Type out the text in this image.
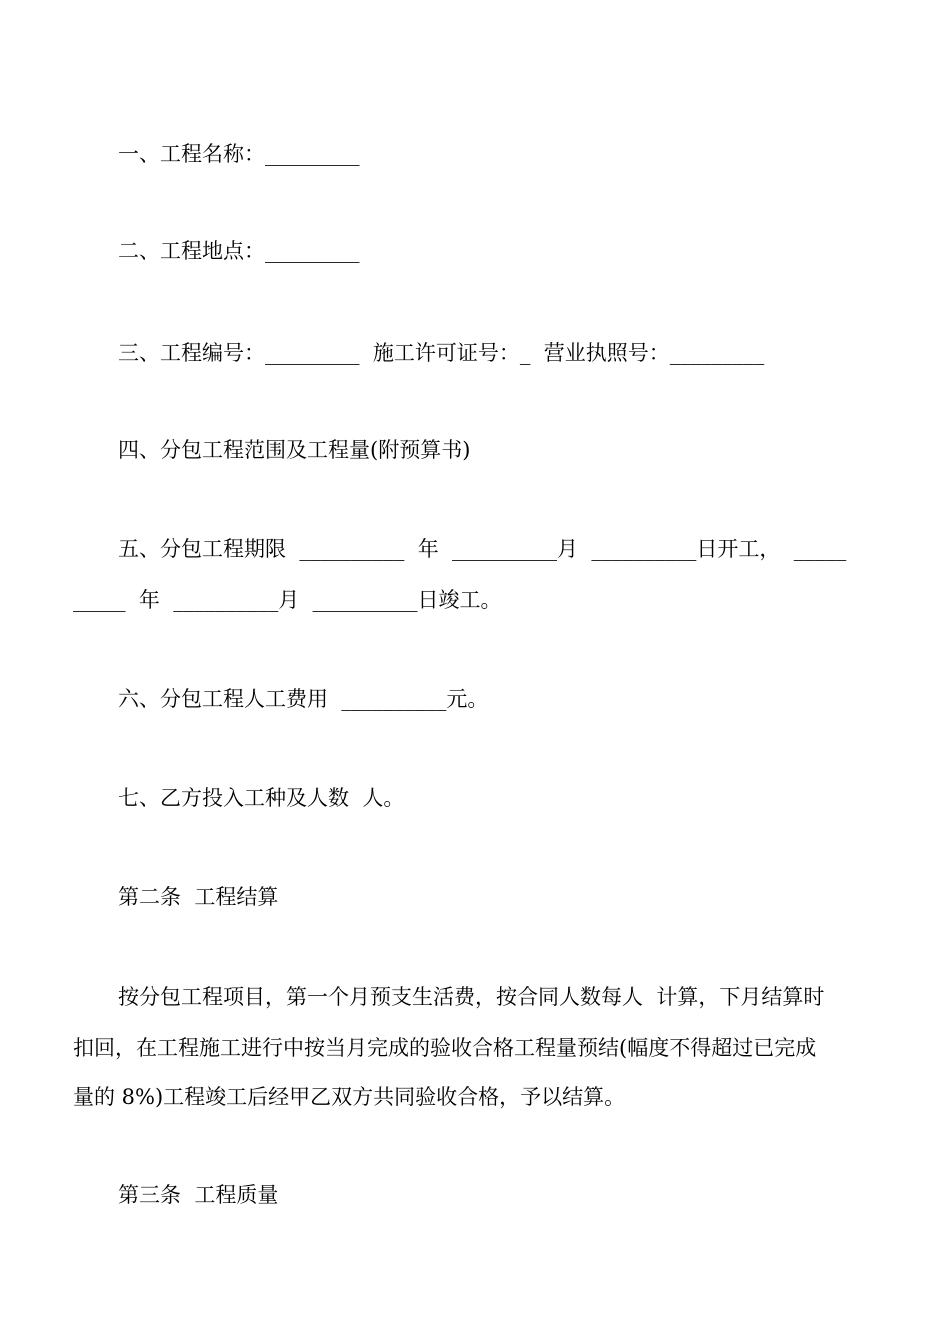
一、工程名称：_________

二、工程地点：_________

三、工程编号：_________  施工许可证号：_  营业执照号：_________

四、分包工程范围及工程量(附预算书)

五、分包工程期限  __________  年  __________月  __________日开工，  _____

_____  年  __________月  __________日竣工。

六、分包工程人工费用  __________元。

七、乙方投入工种及人数  人。

第二条  工程结算

按分包工程项目，第一个月预支生活费，按合同人数每人  计算，下月结算时

扣回，在工程施工进行中按当月完成的验收合格工程量预结(幅度不得超过已完成

量的 8%)工程竣工后经甲乙双方共同验收合格，予以结算。

第三条  工程质量
